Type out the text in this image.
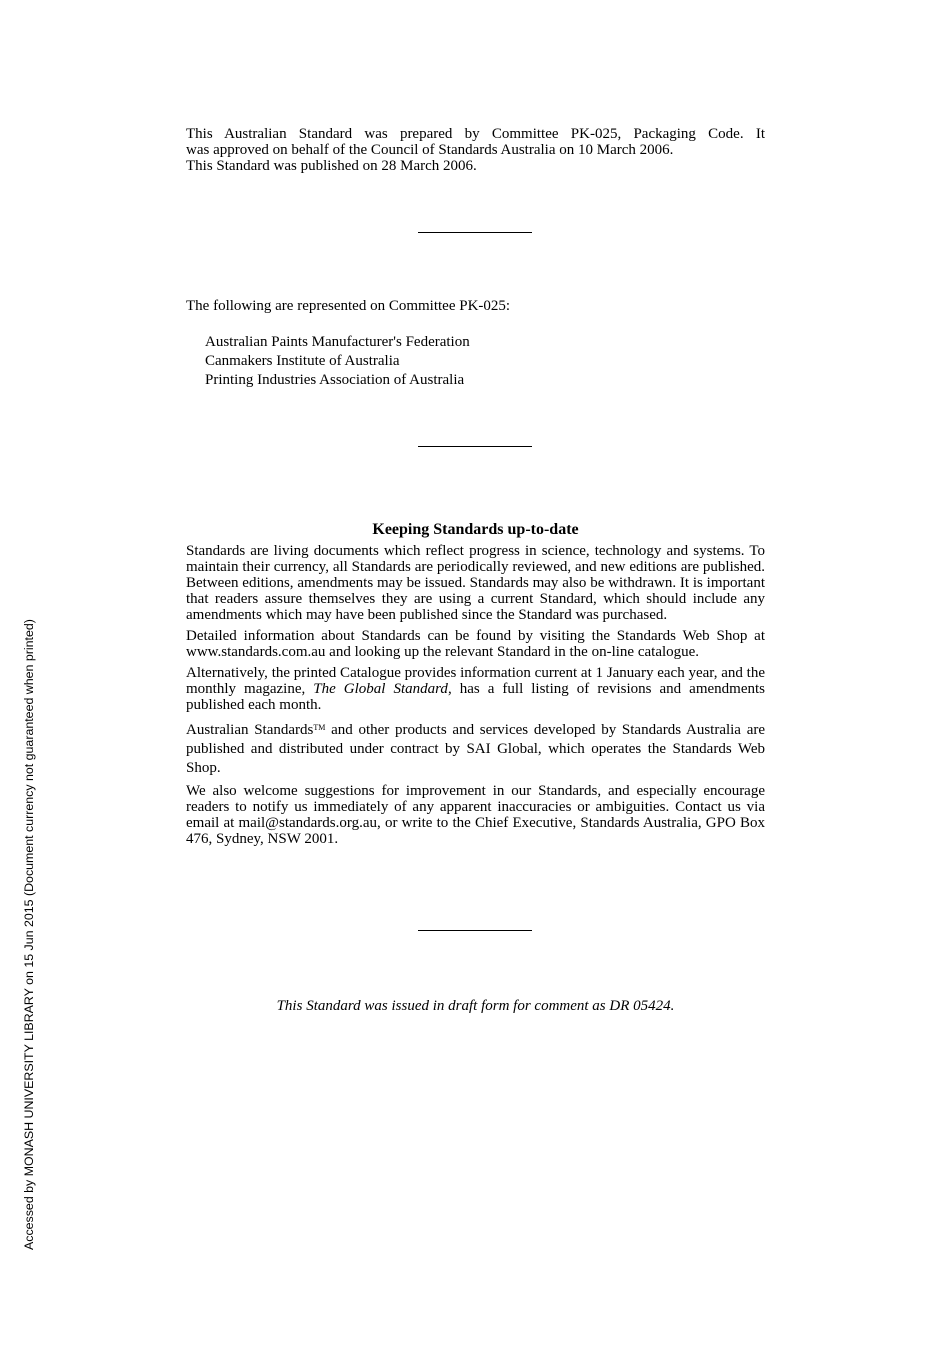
This Australian Standard was prepared by Committee PK-025, Packaging Code. It

was approved on behalf of the Council of Standards Australia on 10 March 2006.

This Standard was published on 28 March 2006.

The following are represented on Committee PK-025:
Australian Paints Manufacturer's Federation
Canmakers Institute of Australia
Printing Industries Association of Australia
Keeping Standards up-to-date

Standards are living documents which reflect progress in science, technology and systems. To maintain their currency, all Standards are periodically reviewed, and new editions are published. Between editions, amendments may be issued. Standards may also be withdrawn. It is important that readers assure themselves they are using a current Standard, which should include any amendments which may have been published since the Standard was purchased.

Detailed information about Standards can be found by visiting the Standards Web Shop at www.standards.com.au and looking up the relevant Standard in the on-line catalogue.

Alternatively, the printed Catalogue provides information current at 1 January each year, and the monthly magazine, The Global Standard, has a full listing of revisions and amendments published each month.

Australian Standards™ and other products and services developed by Standards Australia are published and distributed under contract by SAI Global, which operates the Standards Web Shop.

We also welcome suggestions for improvement in our Standards, and especially encourage readers to notify us immediately of any apparent inaccuracies or ambiguities. Contact us via email at mail@standards.org.au, or write to the Chief Executive, Standards Australia, GPO Box 476, Sydney, NSW 2001.

This Standard was issued in draft form for comment as DR 05424.
Accessed by MONASH UNIVERSITY LIBRARY on 15 Jun 2015 (Document currency not guaranteed when printed)
